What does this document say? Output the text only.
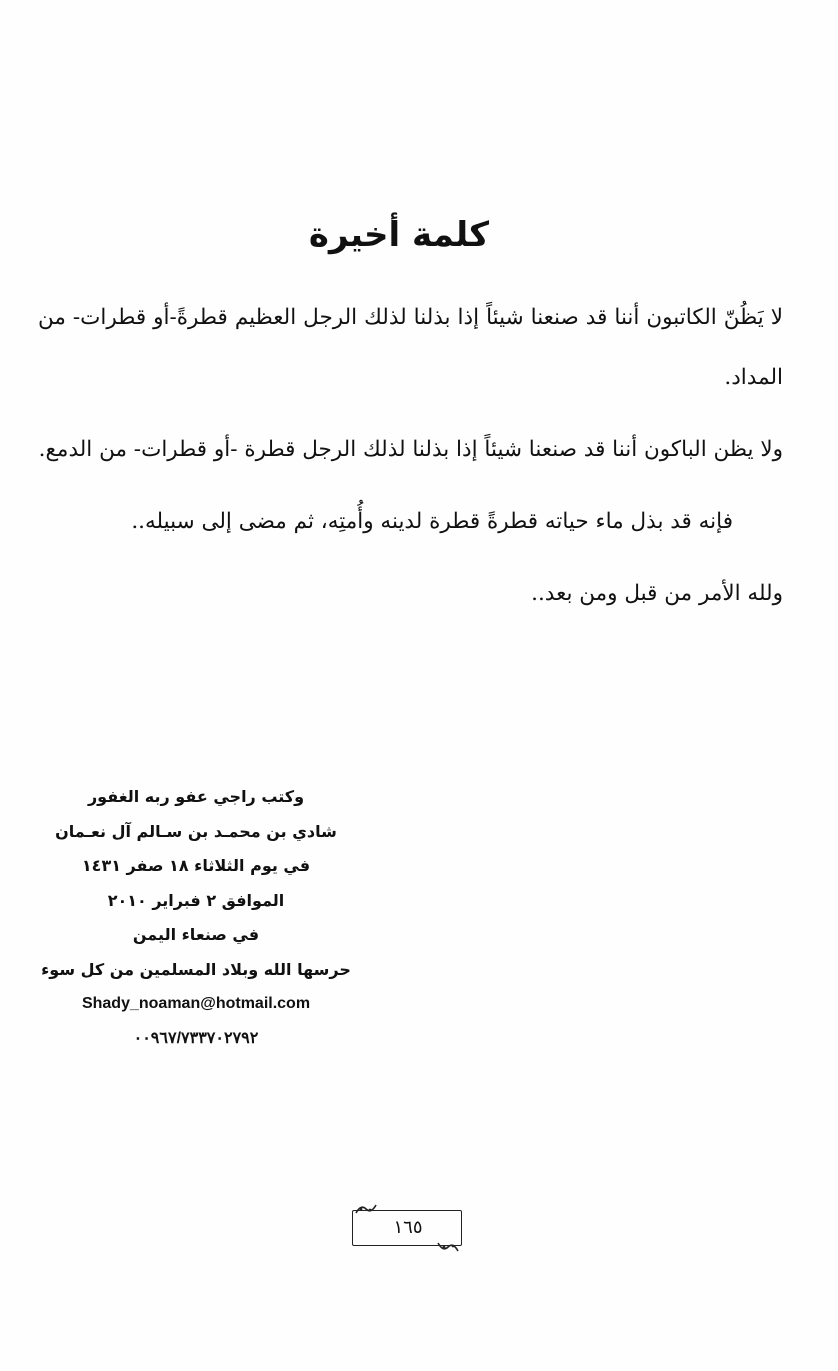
كلمة أخيرة

لا يَظُنّ الكاتبون أننا قد صنعنا شيئاً إذا بذلنا لذلك الرجل العظيم قطرةً-أو قطرات- من المداد.

ولا يظن الباكون أننا قد صنعنا شيئاً إذا بذلنا لذلك الرجل قطرة -أو قطرات- من الدمع.

فإنه قد بذل ماء حياته قطرةً قطرة لدينه وأُمتِه، ثم مضى إلى سبيله..

ولله الأمر من قبل ومن بعد..

وكتب راجي عفو ربه الغفور
شادي بن محمـد بن سـالم آل نعـمان
في يوم الثلاثاء ١٨ صفر ١٤٣١
الموافق ٢ فبراير ٢٠١٠
في صنعاء اليمن
حرسها الله وبلاد المسلمين من كل سوء
Shady_noaman@hotmail.com
٠٠٩٦٧/٧٣٣٧٠٢٧٩٢
١٦٥
